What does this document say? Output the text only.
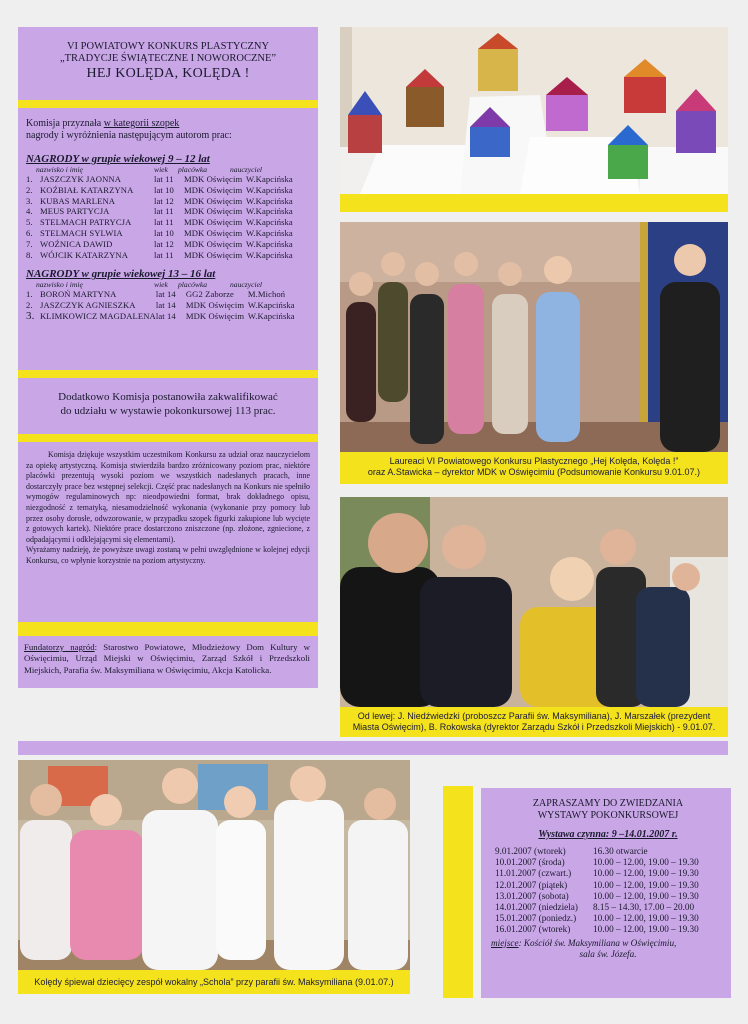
VI POWIATOWY KONKURS PLASTYCZNY
„TRADYCJE ŚWIĄTECZNE I NOWOROCZNE”
HEJ KOLĘDA, KOLĘDA !
Komisja przyznała w kategorii szopek
nagrody i wyróżnienia następującym autorom prac:
NAGRODY w grupie wiekowej 9 – 12 lat
nazwisko i imię	wiek	placówka	nauczyciel
1.	JASZCZYK JAONNA	lat 11	MDK Oświęcim	W.Kapcińska
2.	KOŹBIAŁ KATARZYNA	lat 10	MDK Oświęcim	W.Kapcińska
3.	KUBAS MARLENA	lat 12	MDK Oświęcim	W.Kapcińska
4.	MEUS PARTYCJA	lat 11	MDK Oświęcim	W.Kapcińska
5.	STELMACH PATRYCJA	lat 11	MDK Oświęcim	W.Kapcińska
6.	STELMACH SYLWIA	lat 10	MDK Oświęcim	W.Kapcińska
7.	WOŹNICA DAWID	lat 12	MDK Oświęcim	W.Kapcińska
8.	WÓJCIK KATARZYNA	lat 11	MDK Oświęcim	W.Kapcińska
NAGRODY w grupie wiekowej 13 – 16 lat
nazwisko i imię	wiek	placówka	nauczyciel
1.	BOROŃ MARTYNA	lat 14	GG2 Zaborze	M.Michoń
2.	JASZCZYK AGNIESZKA	lat 14	MDK Oświęcim	W.Kapcińska
3.	KLIMKOWICZ MAGDALENA	lat 14	MDK Oświęcim	W.Kapcińska
Dodatkowo Komisja postanowiła zakwalifikować
do udziału w wystawie pokonkursowej 113 prac.
Komisja dziękuje wszystkim uczestnikom Konkursu za udział oraz nauczycielom za opiekę artystyczną. Komisja stwierdziła bardzo zróżnicowany poziom prac, niektóre placówki prezentują wysoki poziom we wszystkich nadesłanych pracach, inne dostarczyły prace bez wstępnej selekcji. Część prac nadesłanych na Konkurs nie spełniło wymogów regulaminowych np: nieodpowiedni format, brak dokładnego opisu, niezgodność z tematyką, niesamodzielność wykonania (wykonanie przy pomocy lub przez osoby dorosłe, odwzorowanie, w przypadku szopek figurki zakupione lub wycięte z gotowych kartek). Niektóre prace dostarczono zniszczone (np. złożone, zgniecione, z odpadającymi i odklejającymi się elementami).
Wyrażamy nadzieję, że powyższe uwagi zostaną w pełni uwzględnione w kolejnej edycji Konkursu, co wpłynie korzystnie na poziom artystyczny.
Fundatorzy nagród: Starostwo Powiatowe, Młodzieżowy Dom Kultury w Oświęcimiu, Urząd Miejski w Oświęcimiu, Zarząd Szkół i Przedszkoli Miejskich, Parafia św. Maksymiliana w Oświęcimiu, Akcja Katolicka.
Laureaci VI Powiatowego Konkursu Plastycznego „Hej Kolęda, Kolęda !”
oraz A.Stawicka – dyrektor MDK w Oświęcimiu (Podsumowanie Konkursu 9.01.07.)
Od lewej: J. Niedźwiedzki (proboszcz Parafii św. Maksymiliana), J. Marszałek (prezydent
Miasta Oświęcim), B. Rokowska (dyrektor Zarządu Szkół i Przedszkoli Miejskich) - 9.01.07.
Kolędy śpiewał dziecięcy zespół wokalny „Schola” przy parafii św. Maksymiliana (9.01.07.)
ZAPRASZAMY DO ZWIEDZANIA
WYSTAWY POKONKURSOWEJ
Wystawa czynna: 9 –14.01.2007 r.
9.01.2007 (wtorek)	16.30 otwarcie
10.01.2007 (środa)	10.00 – 12.00, 19.00 – 19.30
11.01.2007 (czwart.)	10.00 – 12.00, 19.00 – 19.30
12.01.2007 (piątek)	10.00 – 12.00, 19.00 – 19.30
13.01.2007 (sobota)	10.00 – 12.00, 19.00 – 19.30
14.01.2007 (niedziela)	8.15 – 14.30, 17.00 – 20.00
15.01.2007 (poniedz.)	10.00 – 12.00, 19.00 – 19.30
16.01.2007 (wtorek)	10.00 – 12.00, 19.00 – 19.30
miejsce: Kościół św. Maksymiliana w Oświęcimiu,
sala św. Józefa.
